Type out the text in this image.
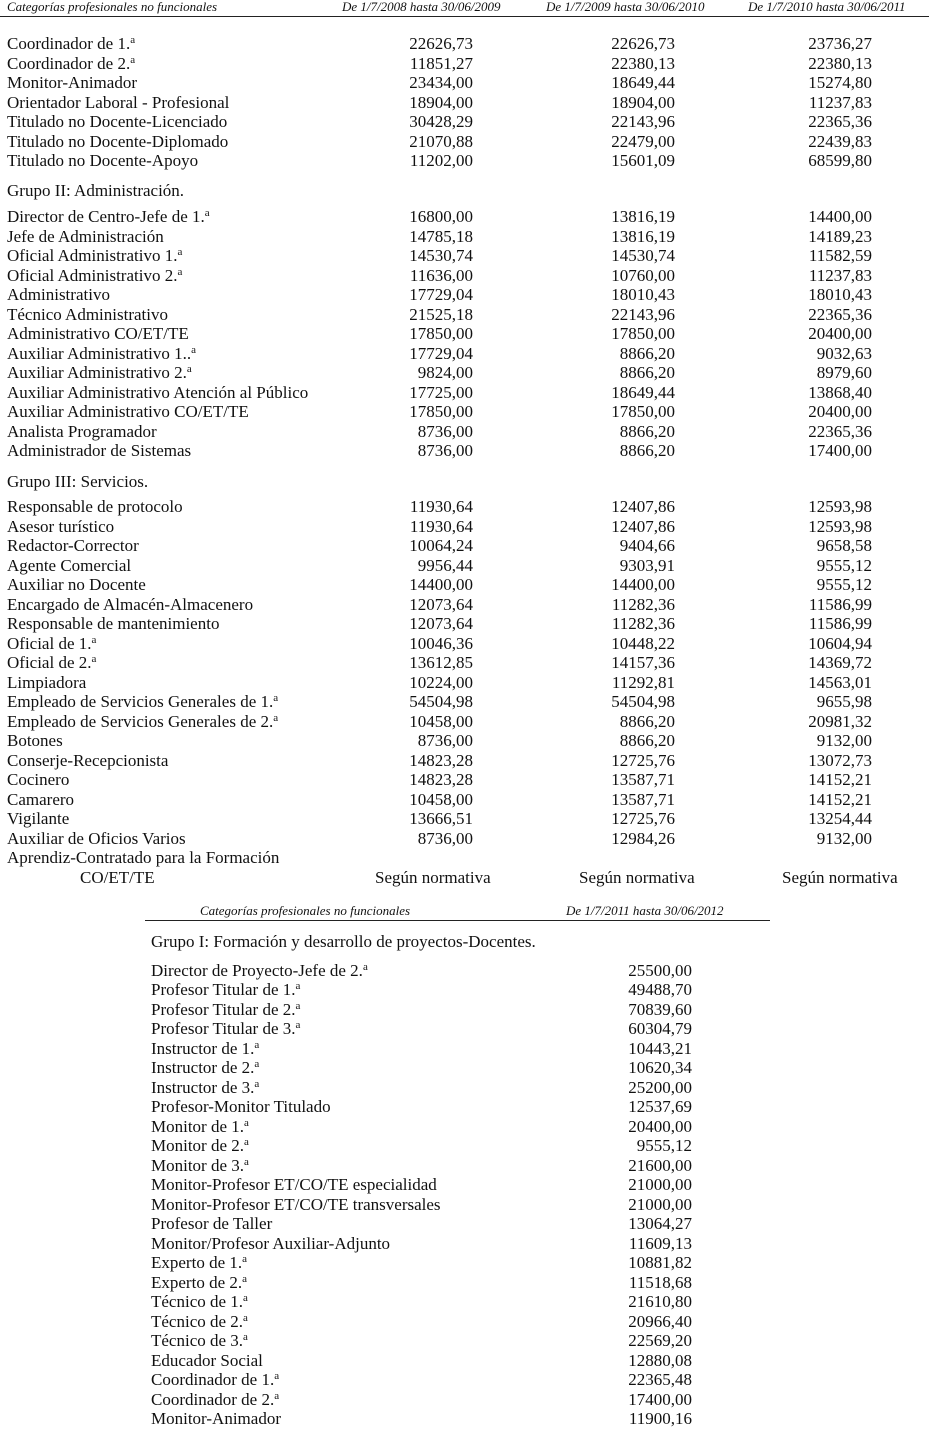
Categorías profesionales no funcionales	De 1/7/2008 hasta 30/06/2009	De 1/7/2009 hasta 30/06/2010	De 1/7/2010 hasta 30/06/2011
Coordinador de 1.$^a$	22626,73	22626,73	23736,27
Coordinador de 2.$^a$	11851,27	22380,13	22380,13
Monitor-Animador	23434,00	18649,44	15274,80
Orientador Laboral - Profesional	18904,00	18904,00	11237,83
Titulado no Docente-Licenciado	30428,29	22143,96	22365,36
Titulado no Docente-Diplomado	21070,88	22479,00	22439,83
Titulado no Docente-Apoyo	11202,00	15601,09	68599,80
Grupo II: Administración.
Director de Centro-Jefe de 1.$^a$	16800,00	13816,19	14400,00
Jefe de Administración	14785,18	13816,19	14189,23
Oficial Administrativo 1.$^a$	14530,74	14530,74	11582,59
Oficial Administrativo 2.$^a$	11636,00	10760,00	11237,83
Administrativo	17729,04	18010,43	18010,43
Técnico Administrativo	21525,18	22143,96	22365,36
Administrativo CO/ET/TE	17850,00	17850,00	20400,00
Auxiliar Administrativo 1..$^a$	17729,04	8866,20	9032,63
Auxiliar Administrativo 2.$^a$	9824,00	8866,20	8979,60
Auxiliar Administrativo Atención al Público	17725,00	18649,44	13868,40
Auxiliar Administrativo CO/ET/TE	17850,00	17850,00	20400,00
Analista Programador	8736,00	8866,20	22365,36
Administrador de Sistemas	8736,00	8866,20	17400,00
Grupo III: Servicios.
Responsable de protocolo	11930,64	12407,86	12593,98
Asesor turístico	11930,64	12407,86	12593,98
Redactor-Corrector	10064,24	9404,66	9658,58
Agente Comercial	9956,44	9303,91	9555,12
Auxiliar no Docente	14400,00	14400,00	9555,12
Encargado de Almacén-Almacenero	12073,64	11282,36	11586,99
Responsable de mantenimiento	12073,64	11282,36	11586,99
Oficial de 1.$^a$	10046,36	10448,22	10604,94
Oficial de 2.$^a$	13612,85	14157,36	14369,72
Limpiadora	10224,00	11292,81	14563,01
Empleado de Servicios Generales de 1.$^a$	54504,98	54504,98	9655,98
Empleado de Servicios Generales de 2.$^a$	10458,00	8866,20	20981,32
Botones	8736,00	8866,20	9132,00
Conserje-Recepcionista	14823,28	12725,76	13072,73
Cocinero	14823,28	13587,71	14152,21
Camarero	10458,00	13587,71	14152,21
Vigilante	13666,51	12725,76	13254,44
Auxiliar de Oficios Varios	8736,00	12984,26	9132,00
Aprendiz-Contratado para la Formación
CO/ET/TE	Según normativa	Según normativa	Según normativa
Categorías profesionales no funcionales	De 1/7/2011 hasta 30/06/2012
Grupo I: Formación y desarrollo de proyectos-Docentes.
Director de Proyecto-Jefe de 2.$^a$	25500,00
Profesor Titular de 1.$^a$	49488,70
Profesor Titular de 2.$^a$	70839,60
Profesor Titular de 3.$^a$	60304,79
Instructor de 1.$^a$	10443,21
Instructor de 2.$^a$	10620,34
Instructor de 3.$^a$	25200,00
Profesor-Monitor Titulado	12537,69
Monitor de 1.$^a$	20400,00
Monitor de 2.$^a$	9555,12
Monitor de 3.$^a$	21600,00
Monitor-Profesor ET/CO/TE especialidad	21000,00
Monitor-Profesor ET/CO/TE transversales	21000,00
Profesor de Taller	13064,27
Monitor/Profesor Auxiliar-Adjunto	11609,13
Experto de 1.$^a$	10881,82
Experto de 2.$^a$	11518,68
Técnico de 1.$^a$	21610,80
Técnico de 2.$^a$	20966,40
Técnico de 3.$^a$	22569,20
Educador Social	12880,08
Coordinador de 1.$^a$	22365,48
Coordinador de 2.$^a$	17400,00
Monitor-Animador	11900,16
